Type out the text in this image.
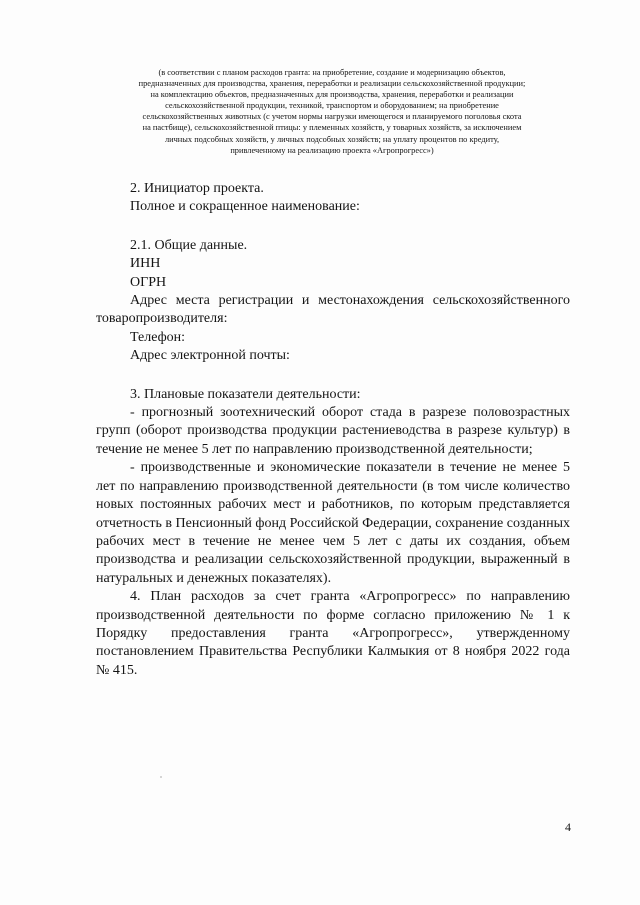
(в соответствии с планом расходов гранта: на приобретение, создание и модернизацию объектов,
предназначенных для производства, хранения, переработки и реализации сельскохозяйственной продукции;
на комплектацию объектов, предназначенных для производства, хранения, переработки и реализации
сельскохозяйственной продукции, техникой, транспортом и оборудованием; на приобретение
сельскохозяйственных животных (с учетом нормы нагрузки имеющегося и планируемого поголовья скота
на пастбище), сельскохозяйственной птицы: у племенных хозяйств, у товарных хозяйств, за исключением
личных подсобных хозяйств, у личных подсобных хозяйств; на уплату процентов по кредиту,
привлеченному на реализацию проекта «Агропрогресс»)

2. Инициатор проекта.

Полное и сокращенное наименование:

2.1. Общие данные.

ИНН

ОГРН

Адрес места регистрации и местонахождения сельскохозяйственного

товаропроизводителя:

Телефон:

Адрес электронной почты:

3. Плановые показатели деятельности:

- прогнозный зоотехнический оборот стада в разрезе половозрастных групп (оборот производства продукции растениеводства в разрезе культур) в течение не менее 5 лет по направлению производственной деятельности;

- производственные и экономические показатели в течение не менее 5 лет по направлению производственной деятельности (в том числе количество новых постоянных рабочих мест и работников, по которым представляется отчетность в Пенсионный фонд Российской Федерации, сохранение созданных рабочих мест в течение не менее чем 5 лет с даты их создания, объем производства и реализации сельскохозяйственной продукции, выраженный в натуральных и денежных показателях).

4. План расходов за счет гранта «Агропрогресс» по направлению производственной деятельности по форме согласно приложению № 1 к Порядку предоставления гранта «Агропрогресс», утвержденному постановлением Правительства Республики Калмыкия от 8 ноября 2022 года № 415.

4
